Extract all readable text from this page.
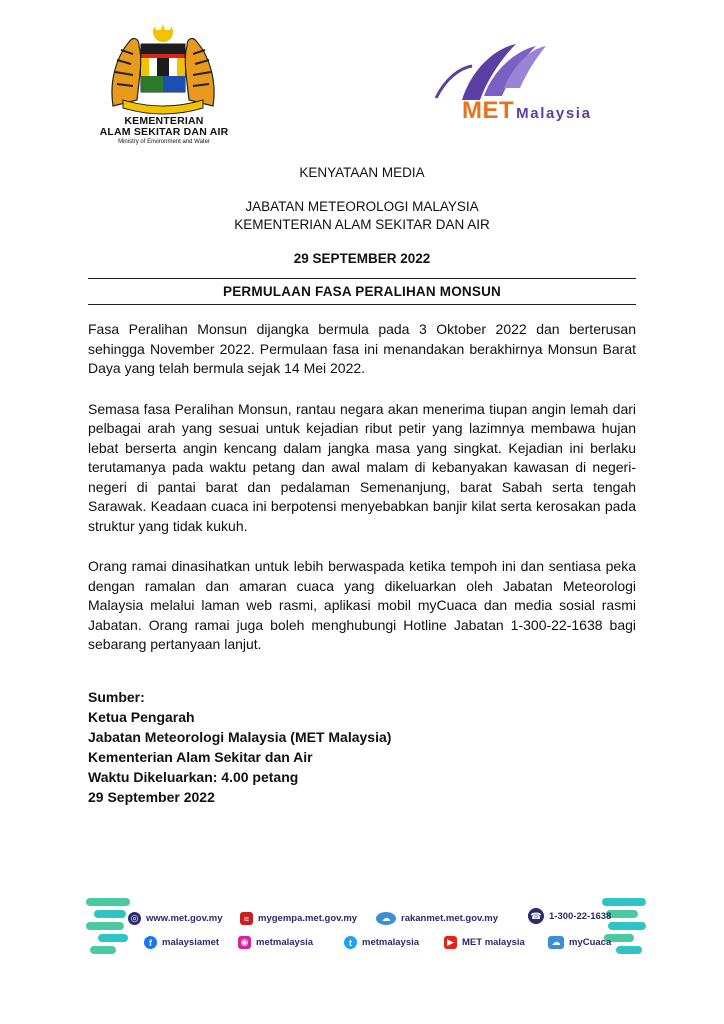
KEMENTERIAN
ALAM SEKITAR DAN AIR
Ministry of Environment and Water
MET Malaysia
KENYATAAN MEDIA
JABATAN METEOROLOGI MALAYSIA
KEMENTERIAN ALAM SEKITAR DAN AIR
29 SEPTEMBER 2022
PERMULAAN FASA PERALIHAN MONSUN

Fasa Peralihan Monsun dijangka bermula pada 3 Oktober 2022 dan berterusan sehingga November 2022. Permulaan fasa ini menandakan berakhirnya Monsun Barat Daya yang telah bermula sejak 14 Mei 2022.

Semasa fasa Peralihan Monsun, rantau negara akan menerima tiupan angin lemah dari pelbagai arah yang sesuai untuk kejadian ribut petir yang lazimnya membawa hujan lebat berserta angin kencang dalam jangka masa yang singkat. Kejadian ini berlaku terutamanya pada waktu petang dan awal malam di kebanyakan kawasan di negeri-negeri di pantai barat dan pedalaman Semenanjung, barat Sabah serta tengah Sarawak. Keadaan cuaca ini berpotensi menyebabkan banjir kilat serta kerosakan pada struktur yang tidak kukuh.

Orang ramai dinasihatkan untuk lebih berwaspada ketika tempoh ini dan sentiasa peka dengan ramalan dan amaran cuaca yang dikeluarkan oleh Jabatan Meteorologi Malaysia melalui laman web rasmi, aplikasi mobil myCuaca dan media sosial rasmi Jabatan. Orang ramai juga boleh menghubungi Hotline Jabatan 1-300-22-1638 bagi sebarang pertanyaan lanjut.

Sumber:
Ketua Pengarah
Jabatan Meteorologi Malaysia (MET Malaysia)
Kementerian Alam Sekitar dan Air
Waktu Dikeluarkan: 4.00 petang
29 September 2022
◎ www.met.gov.my	≈ mygempa.met.gov.my	☁	rakanmet.met.gov.my	☎ 1-300-22-1638
f	malaysiamet ◉ metmalaysia	t	metmalaysia	▶ MET malaysia	☁ myCuaca
